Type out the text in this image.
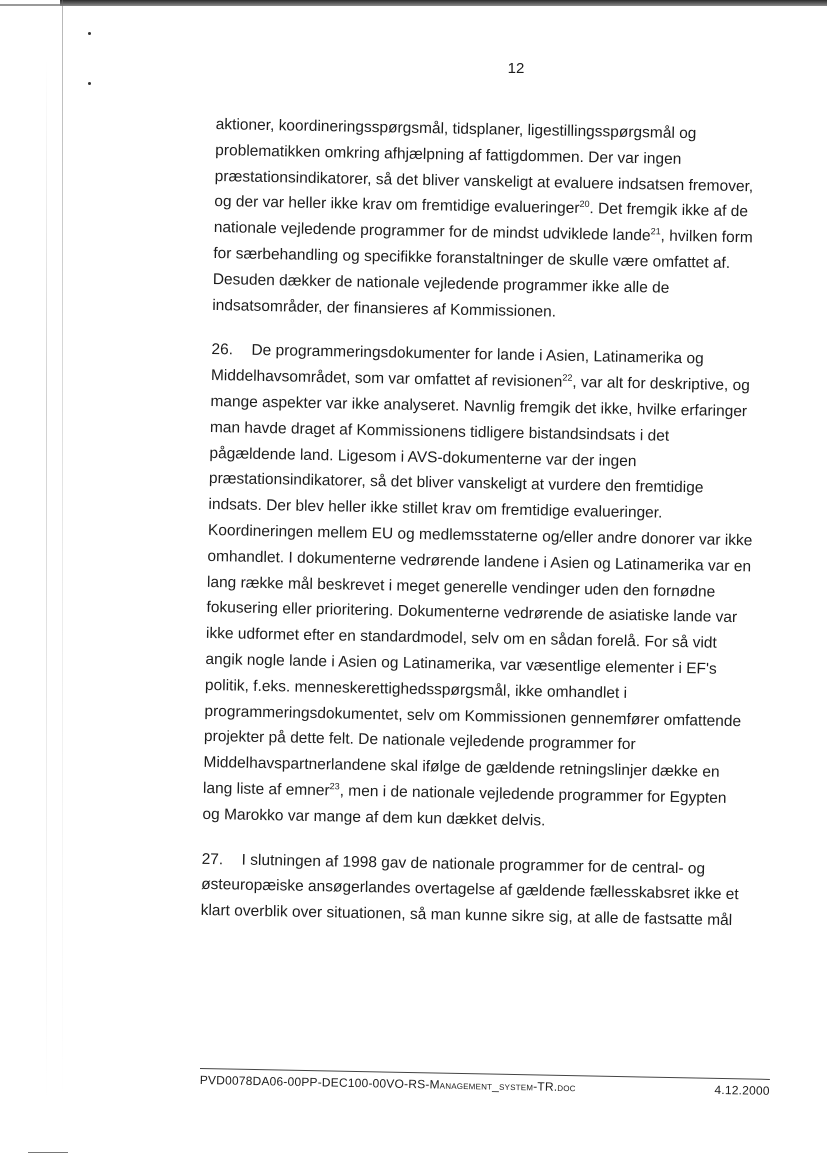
12

aktioner, koordineringsspørgsmål, tidsplaner, ligestillingsspørgsmål og
problematikken omkring afhjælpning af fattigdommen. Der var ingen
præstationsindikatorer, så det bliver vanskeligt at evaluere indsatsen fremover,
og der var heller ikke krav om fremtidige evalueringer$^{20}$. Det fremgik ikke af de
nationale vejledende programmer for de mindst udviklede lande$^{21}$, hvilken form
for særbehandling og specifikke foranstaltninger de skulle være omfattet af.
Desuden dækker de nationale vejledende programmer ikke alle de
indsatsområder, der finansieres af Kommissionen.

26. De programmeringsdokumenter for lande i Asien, Latinamerika og
Middelhavsområdet, som var omfattet af revisionen$^{22}$, var alt for deskriptive, og
mange aspekter var ikke analyseret. Navnlig fremgik det ikke, hvilke erfaringer
man havde draget af Kommissionens tidligere bistandsindsats i det
pågældende land. Ligesom i AVS-dokumenterne var der ingen
præstationsindikatorer, så det bliver vanskeligt at vurdere den fremtidige
indsats. Der blev heller ikke stillet krav om fremtidige evalueringer.
Koordineringen mellem EU og medlemsstaterne og/eller andre donorer var ikke
omhandlet. I dokumenterne vedrørende landene i Asien og Latinamerika var en
lang række mål beskrevet i meget generelle vendinger uden den fornødne
fokusering eller prioritering. Dokumenterne vedrørende de asiatiske lande var
ikke udformet efter en standardmodel, selv om en sådan forelå. For så vidt
angik nogle lande i Asien og Latinamerika, var væsentlige elementer i EF's
politik, f.eks. menneskerettighedsspørgsmål, ikke omhandlet i
programmeringsdokumentet, selv om Kommissionen gennemfører omfattende
projekter på dette felt. De nationale vejledende programmer for
Middelhavspartnerlandene skal ifølge de gældende retningslinjer dække en
lang liste af emner$^{23}$, men i de nationale vejledende programmer for Egypten
og Marokko var mange af dem kun dækket delvis.

27. I slutningen af 1998 gav de nationale programmer for de central- og
østeuropæiske ansøgerlandes overtagelse af gældende fællesskabsret ikke et
klart overblik over situationen, så man kunne sikre sig, at alle de fastsatte mål

PVD0078DA06-00PP-DEC100-00VO-RS-Management_system-TR.doc	4.12.2000
